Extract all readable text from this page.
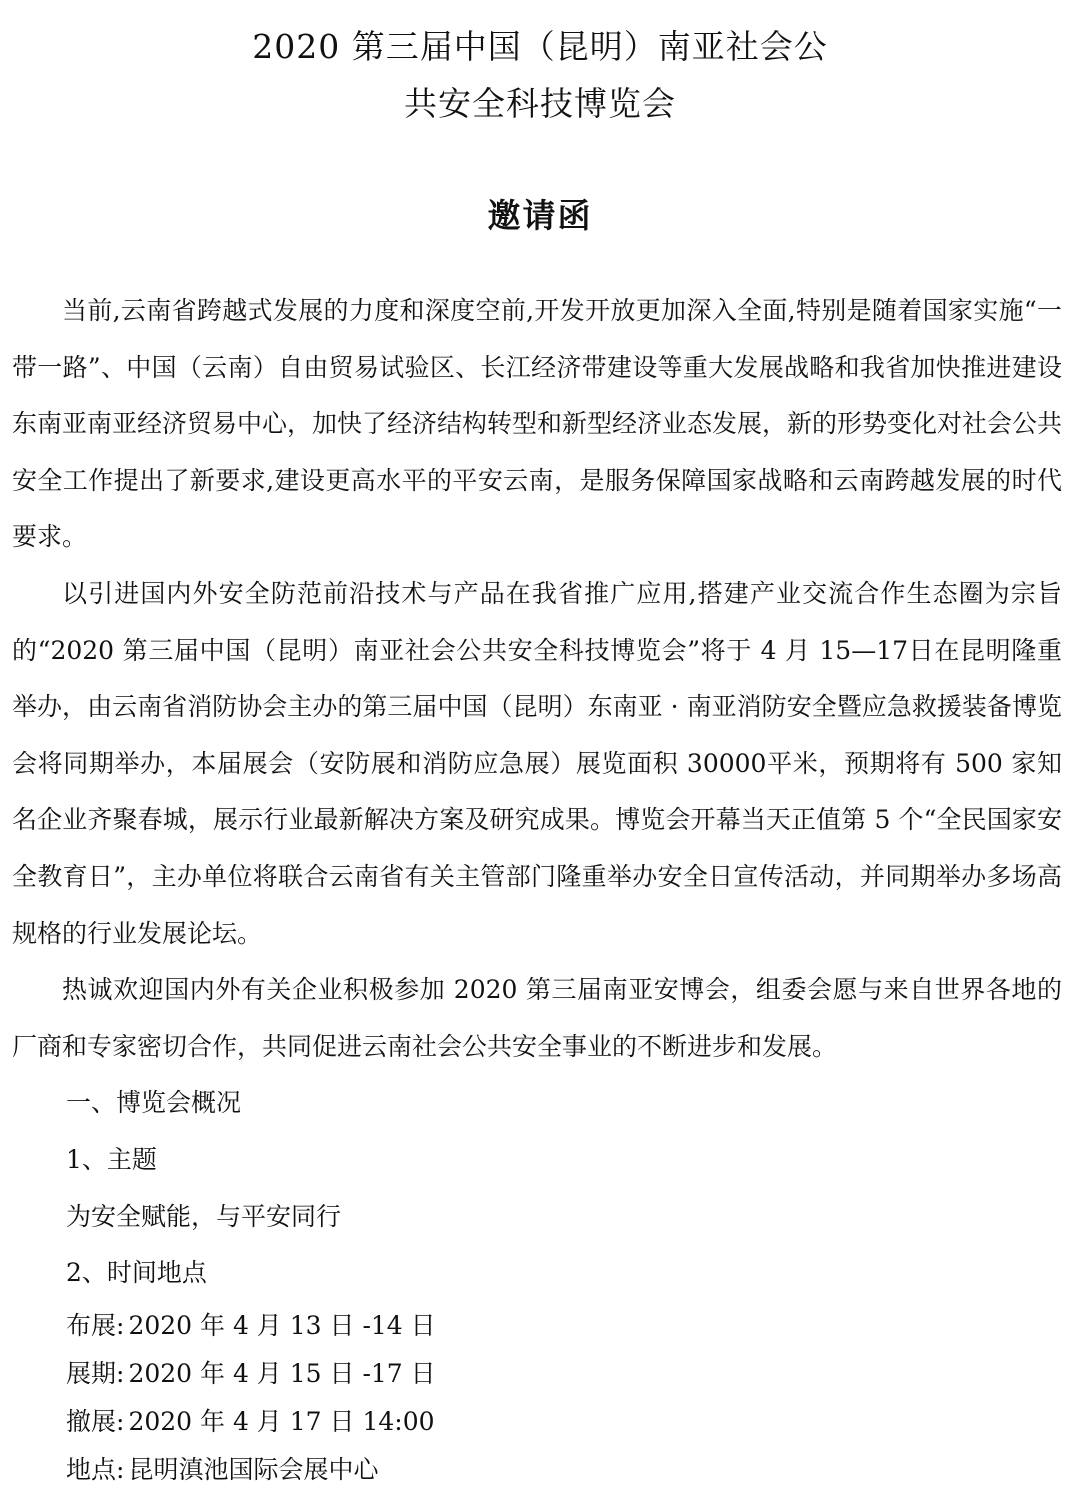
2020 第三届中国（昆明）南亚社会公
共安全科技博览会
邀请函

当前,云南省跨越式发展的力度和深度空前,开发开放更加深入全面,特别是随着国家实施“一带一路”、中国（云南）自由贸易试验区、长江经济带建设等重大发展战略和我省加快推进建设东南亚南亚经济贸易中心，加快了经济结构转型和新型经济业态发展，新的形势变化对社会公共安全工作提出了新要求,建设更高水平的平安云南，是服务保障国家战略和云南跨越发展的时代要求。

以引进国内外安全防范前沿技术与产品在我省推广应用,搭建产业交流合作生态圈为宗旨的“2020 第三届中国（昆明）南亚社会公共安全科技博览会”将于 4 月 15—17日在昆明隆重举办，由云南省消防协会主办的第三届中国（昆明）东南亚 · 南亚消防安全暨应急救援装备博览会将同期举办，本届展会（安防展和消防应急展）展览面积 30000平米，预期将有 500 家知名企业齐聚春城，展示行业最新解决方案及研究成果。博览会开幕当天正值第 5 个“全民国家安全教育日”，主办单位将联合云南省有关主管部门隆重举办安全日宣传活动，并同期举办多场高规格的行业发展论坛。

热诚欢迎国内外有关企业积极参加 2020 第三届南亚安博会，组委会愿与来自世界各地的厂商和专家密切合作，共同促进云南社会公共安全事业的不断进步和发展。

一、博览会概况

1、主题

为安全赋能，与平安同行

2、时间地点

布展: 2020 年 4 月 13 日 -14 日

展期: 2020 年 4 月 15 日 -17 日

撤展: 2020 年 4 月 17 日 14:00

地点: 昆明滇池国际会展中心
